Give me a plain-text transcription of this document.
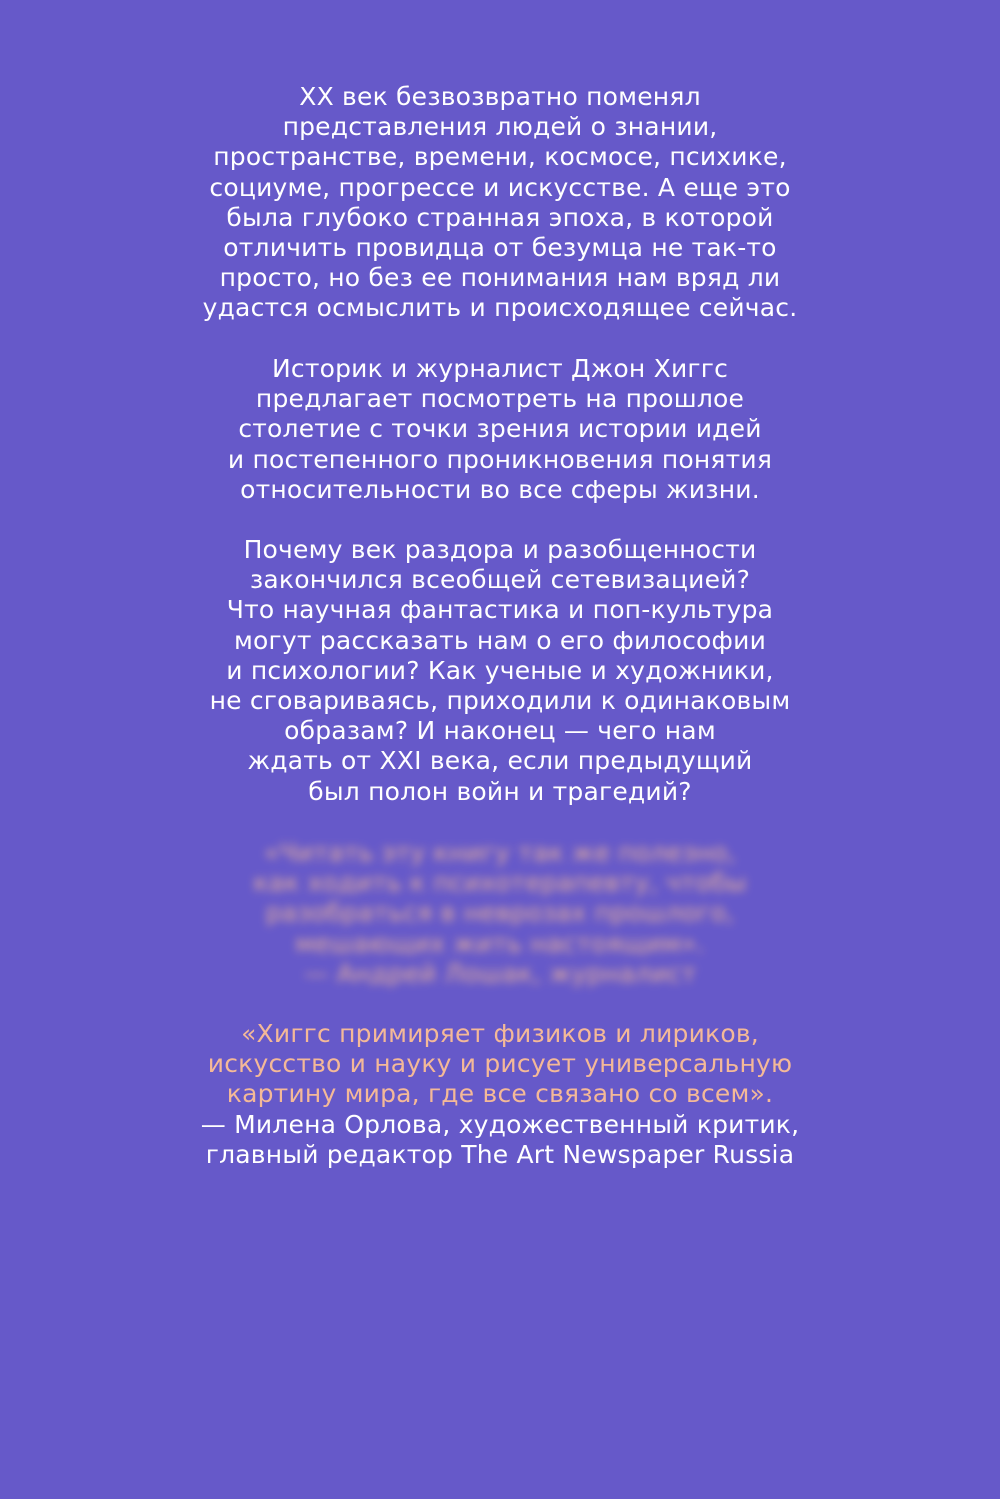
ХХ век безвозвратно поменял
представления людей о знании,
пространстве, времени, космосе, психике,
социуме, прогрессе и искусстве. А еще это
была глубоко странная эпоха, в которой
отличить провидца от безумца не так-то
просто, но без ее понимания нам вряд ли
удастся осмыслить и происходящее сейчас.
Историк и журналист Джон Хиггс
предлагает посмотреть на прошлое
столетие с точки зрения истории идей
и постепенного проникновения понятия
относительности во все сферы жизни.
Почему век раздора и разобщенности
закончился всеобщей сетевизацией?
Что научная фантастика и поп-культура
могут рассказать нам о его философии
и психологии? Как ученые и художники,
не сговариваясь, приходили к одинаковым
образам? И наконец — чего нам
ждать от XXI века, если предыдущий
был полон войн и трагедий?
«Читать эту книгу так же полезно,
как ходить к психотерапевту, чтобы
разобраться в неврозах прошлого,
мешающих жить настоящим».
— Андрей Лошак, журналист
«Хиггс примиряет физиков и лириков,
искусство и науку и рисует универсальную
картину мира, где все связано со всем».
— Милена Орлова, художественный критик,
главный редактор The Art Newspaper Russia
